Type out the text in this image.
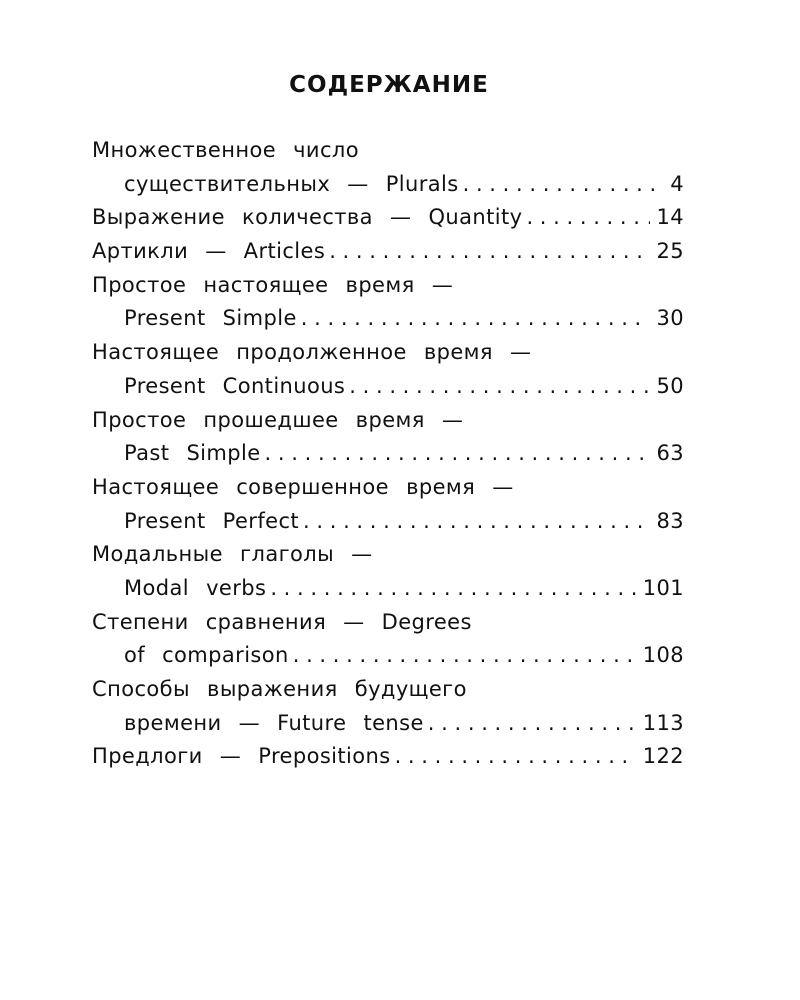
СОДЕРЖАНИЕ
Множественное число
существительных — Plurals . . .	4
Выражение количества — Quantity . . .	14
Артикли — Articles . . .	25
Простое настоящее время —
Present Simple . . .	30
Настоящее продолженное время —
Present Continuous . . .	50
Простое прошедшее время —
Past Simple . . .	63
Настоящее совершенное время —
Present Perfect . . .	83
Модальные глаголы —
Modal verbs . . .	101
Степени сравнения — Degrees
of comparison . . .	108
Способы выражения будущего
времени — Future tense . . .	113
Предлоги — Prepositions . . .	122
